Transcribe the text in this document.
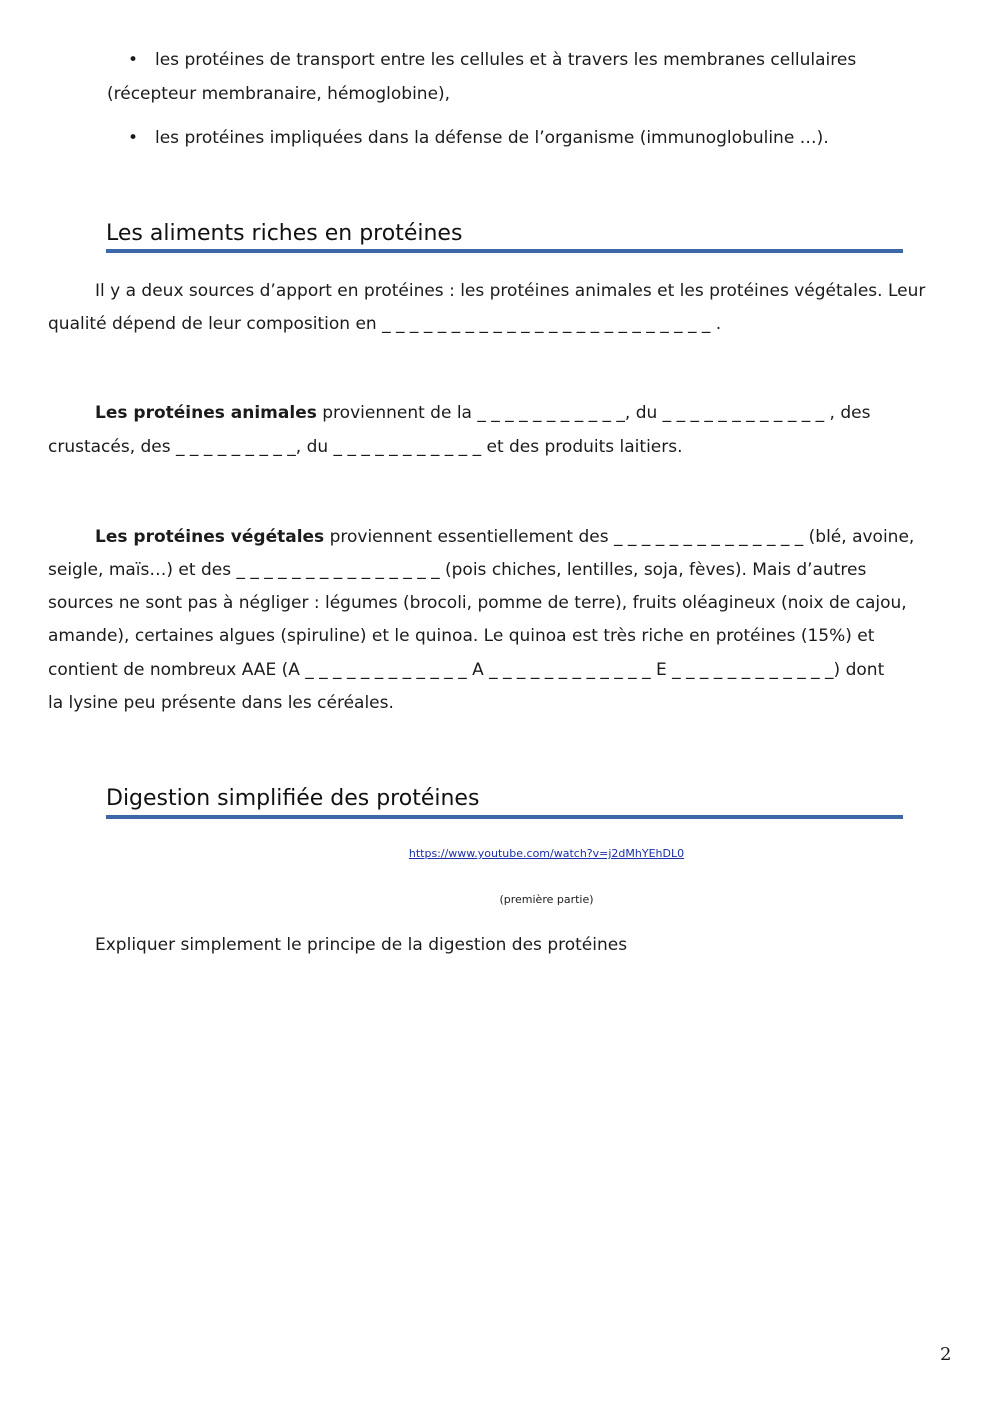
• les protéines de transport entre les cellules et à travers les membranes cellulaires
(récepteur membranaire, hémoglobine),
• les protéines impliquées dans la défense de l’organisme (immunoglobuline …).
Les aliments riches en protéines
Il y a deux sources d’apport en protéines : les protéines animales et les protéines végétales. Leur
qualité dépend de leur composition en _ _ _ _ _ _ _ _ _ _ _ _ _ _ _ _ _ _ _ _ _ _ _ _ .
Les protéines animales proviennent de la _ _ _ _ _ _ _ _ _ _ _, du _ _ _ _ _ _ _ _ _ _ _ _ , des
crustacés, des _ _ _ _ _ _ _ _ _, du _ _ _ _ _ _ _ _ _ _ _ et des produits laitiers.
Les protéines végétales proviennent essentiellement des _ _ _ _ _ _ _ _ _ _ _ _ _ _ (blé, avoine,
seigle, maïs…) et des _ _ _ _ _ _ _ _ _ _ _ _ _ _ _ (pois chiches, lentilles, soja, fèves). Mais d’autres
sources ne sont pas à négliger : légumes (brocoli, pomme de terre), fruits oléagineux (noix de cajou,
amande), certaines algues (spiruline) et le quinoa. Le quinoa est très riche en protéines (15%) et
contient de nombreux AAE (A _ _ _ _ _ _ _ _ _ _ _ _ A _ _ _ _ _ _ _ _ _ _ _ _ E _ _ _ _ _ _ _ _ _ _ _ _) dont
la lysine peu présente dans les céréales.
Digestion simplifiée des protéines
https://www.youtube.com/watch?v=j2dMhYEhDL0
(première partie)
Expliquer simplement le principe de la digestion des protéines
2
